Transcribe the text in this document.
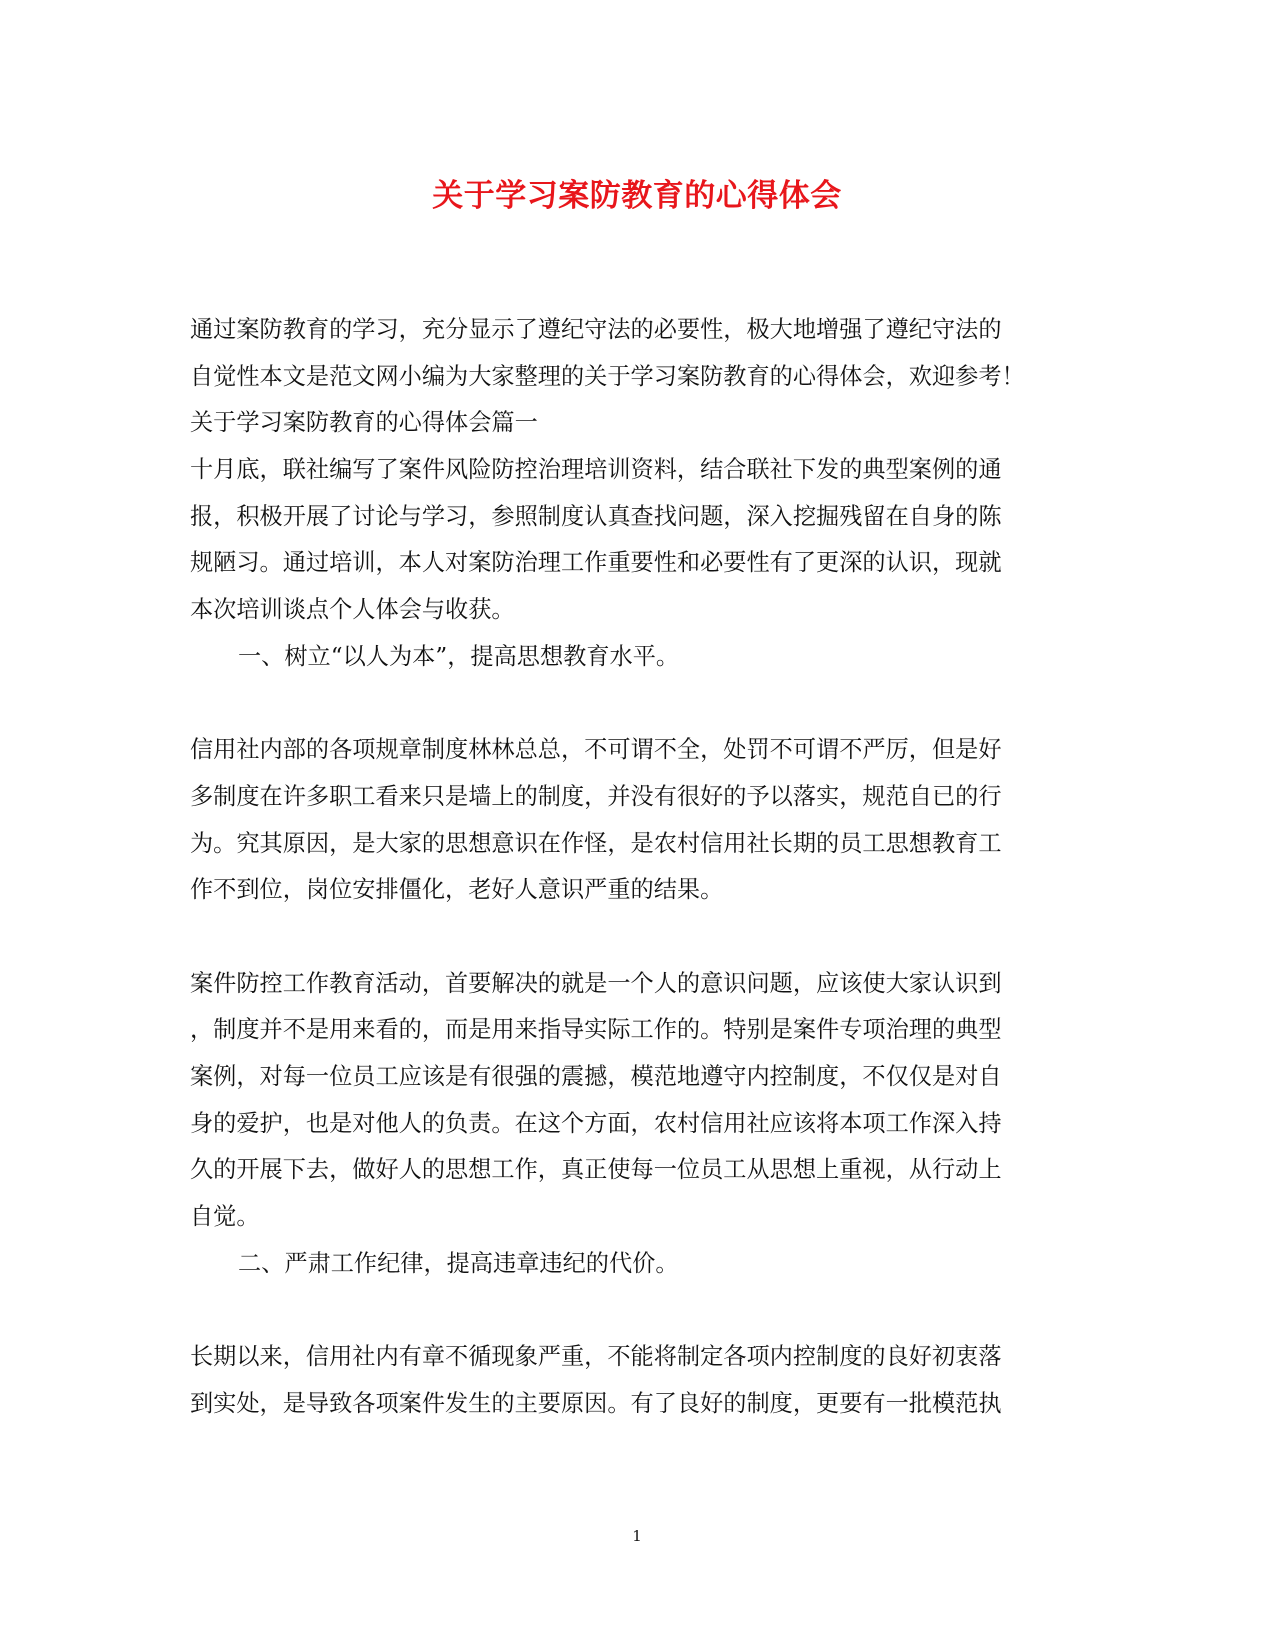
关于学习案防教育的心得体会
通过案防教育的学习，充分显示了遵纪守法的必要性，极大地增强了遵纪守法的
自觉性本文是范文网小编为大家整理的关于学习案防教育的心得体会，欢迎参考！
关于学习案防教育的心得体会篇一
十月底，联社编写了案件风险防控治理培训资料，结合联社下发的典型案例的通
报，积极开展了讨论与学习，参照制度认真查找问题，深入挖掘残留在自身的陈
规陋习。通过培训，本人对案防治理工作重要性和必要性有了更深的认识，现就
本次培训谈点个人体会与收获。
一、树立“以人为本”，提高思想教育水平。
信用社内部的各项规章制度林林总总，不可谓不全，处罚不可谓不严厉，但是好
多制度在许多职工看来只是墙上的制度，并没有很好的予以落实，规范自已的行
为。究其原因，是大家的思想意识在作怪，是农村信用社长期的员工思想教育工
作不到位，岗位安排僵化，老好人意识严重的结果。
案件防控工作教育活动，首要解决的就是一个人的意识问题，应该使大家认识到
，制度并不是用来看的，而是用来指导实际工作的。特别是案件专项治理的典型
案例，对每一位员工应该是有很强的震撼，模范地遵守内控制度，不仅仅是对自
身的爱护，也是对他人的负责。在这个方面，农村信用社应该将本项工作深入持
久的开展下去，做好人的思想工作，真正使每一位员工从思想上重视，从行动上
自觉。
二、严肃工作纪律，提高违章违纪的代价。
长期以来，信用社内有章不循现象严重，不能将制定各项内控制度的良好初衷落
到实处，是导致各项案件发生的主要原因。有了良好的制度，更要有一批模范执
1
